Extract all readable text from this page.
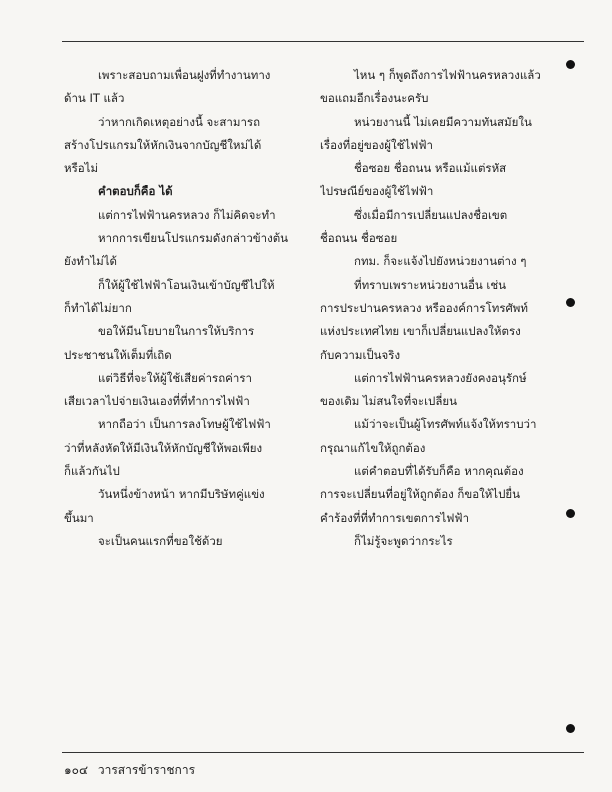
เพราะสอบถามเพื่อนฝูงที่ทำงานทาง
ด้าน IT แล้ว
ว่าหากเกิดเหตุอย่างนี้ จะสามารถ
สร้างโปรแกรมให้หักเงินจากบัญชีใหม่ได้
หรือไม่
คำตอบก็คือ ได้
แต่การไฟฟ้านครหลวง ก็ไม่คิดจะทำ
หากการเขียนโปรแกรมดังกล่าวข้างต้น
ยังทำไม่ได้
ก็ให้ผู้ใช้ไฟฟ้าโอนเงินเข้าบัญชีไปให้
ก็ทำได้ไม่ยาก
ขอให้มีนโยบายในการให้บริการ
ประชาชนให้เต็มที่เถิด
แต่วิธีที่จะให้ผู้ใช้เสียค่ารถค่ารา
เสียเวลาไปจ่ายเงินเองที่ที่ทำการไฟฟ้า
หากถือว่า เป็นการลงโทษผู้ใช้ไฟฟ้า
ว่าที่หลังหัดให้มีเงินให้หักบัญชีให้พอเพียง
ก็แล้วกันไป
วันหนึ่งข้างหน้า หากมีบริษัทคู่แข่ง
ขึ้นมา
จะเป็นคนแรกที่ขอใช้ด้วย
ไหน ๆ ก็พูดถึงการไฟฟ้านครหลวงแล้ว
ขอแถมอีกเรื่องนะครับ
หน่วยงานนี้ ไม่เคยมีความทันสมัยใน
เรื่องที่อยู่ของผู้ใช้ไฟฟ้า
ชื่อซอย ชื่อถนน หรือแม้แต่รหัส
ไปรษณีย์ของผู้ใช้ไฟฟ้า
ซึ่งเมื่อมีการเปลี่ยนแปลงชื่อเขต
ชื่อถนน ชื่อซอย
กทม. ก็จะแจ้งไปยังหน่วยงานต่าง ๆ
ที่ทราบเพราะหน่วยงานอื่น เช่น
การประปานครหลวง หรือองค์การโทรศัพท์
แห่งประเทศไทย เขาก็เปลี่ยนแปลงให้ตรง
กับความเป็นจริง
แต่การไฟฟ้านครหลวงยังคงอนุรักษ์
ของเดิม ไม่สนใจที่จะเปลี่ยน
แม้ว่าจะเป็นผู้โทรศัพท์แจ้งให้ทราบว่า
กรุณาแก้ไขให้ถูกต้อง
แต่คำตอบที่ได้รับก็คือ หากคุณต้อง
การจะเปลี่ยนที่อยู่ให้ถูกต้อง ก็ขอให้ไปยื่น
คำร้องที่ที่ทำการเขตการไฟฟ้า
ก็ไม่รู้จะพูดว่ากระไร
๑๐๔ วารสารข้าราชการ
